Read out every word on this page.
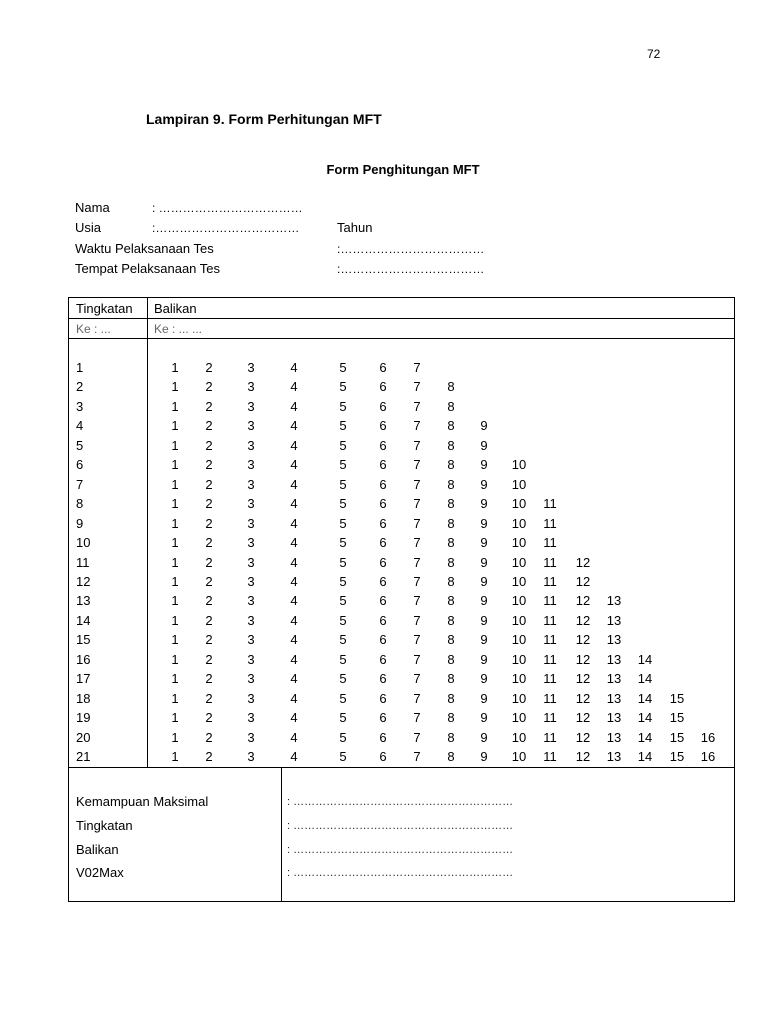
72
Lampiran 9. Form Perhitungan MFT
Form Penghitungan MFT
Nama	: ………………………………
Usia	:………………………………	Tahun
Waktu Pelaksanaan Tes	:………………………………
Tempat Pelaksanaan Tes	:………………………………
Tingkatan Balikan
Ke : ...	Ke : ... ...
1	1	2	3	4	5	6	7
2	1	2	3	4	5	6	7	8
3	1	2	3	4	5	6	7	8
4	1	2	3	4	5	6	7	8	9
5	1	2	3	4	5	6	7	8	9
6	1	2	3	4	5	6	7	8	9	10
7	1	2	3	4	5	6	7	8	9	10
8	1	2	3	4	5	6	7	8	9	10	11
9	1	2	3	4	5	6	7	8	9	10	11
10	1	2	3	4	5	6	7	8	9	10	11
11	1	2	3	4	5	6	7	8	9	10	11	12
12	1	2	3	4	5	6	7	8	9	10	11	12
13	1	2	3	4	5	6	7	8	9	10	11	12 13
14	1	2	3	4	5	6	7	8	9	10	11	12 13
15	1	2	3	4	5	6	7	8	9	10	11	12 13
16	1	2	3	4	5	6	7	8	9	10	11	12 13 14
17	1	2	3	4	5	6	7	8	9	10	11	12 13 14
18	1	2	3	4	5	6	7	8	9	10	11	12 13 14 15
19	1	2	3	4	5	6	7	8	9	10	11	12 13 14 15
20	1	2	3	4	5	6	7	8	9	10	11	12 13 14 15 16
21	1	2	3	4	5	6	7	8	9	10	11	12 13 14 15 16
Kemampuan Maksimal	: ……………………………………………………
Tingkatan	: ……………………………………………………
Balikan	: ……………………………………………………
V02Max	: ……………………………………………………
